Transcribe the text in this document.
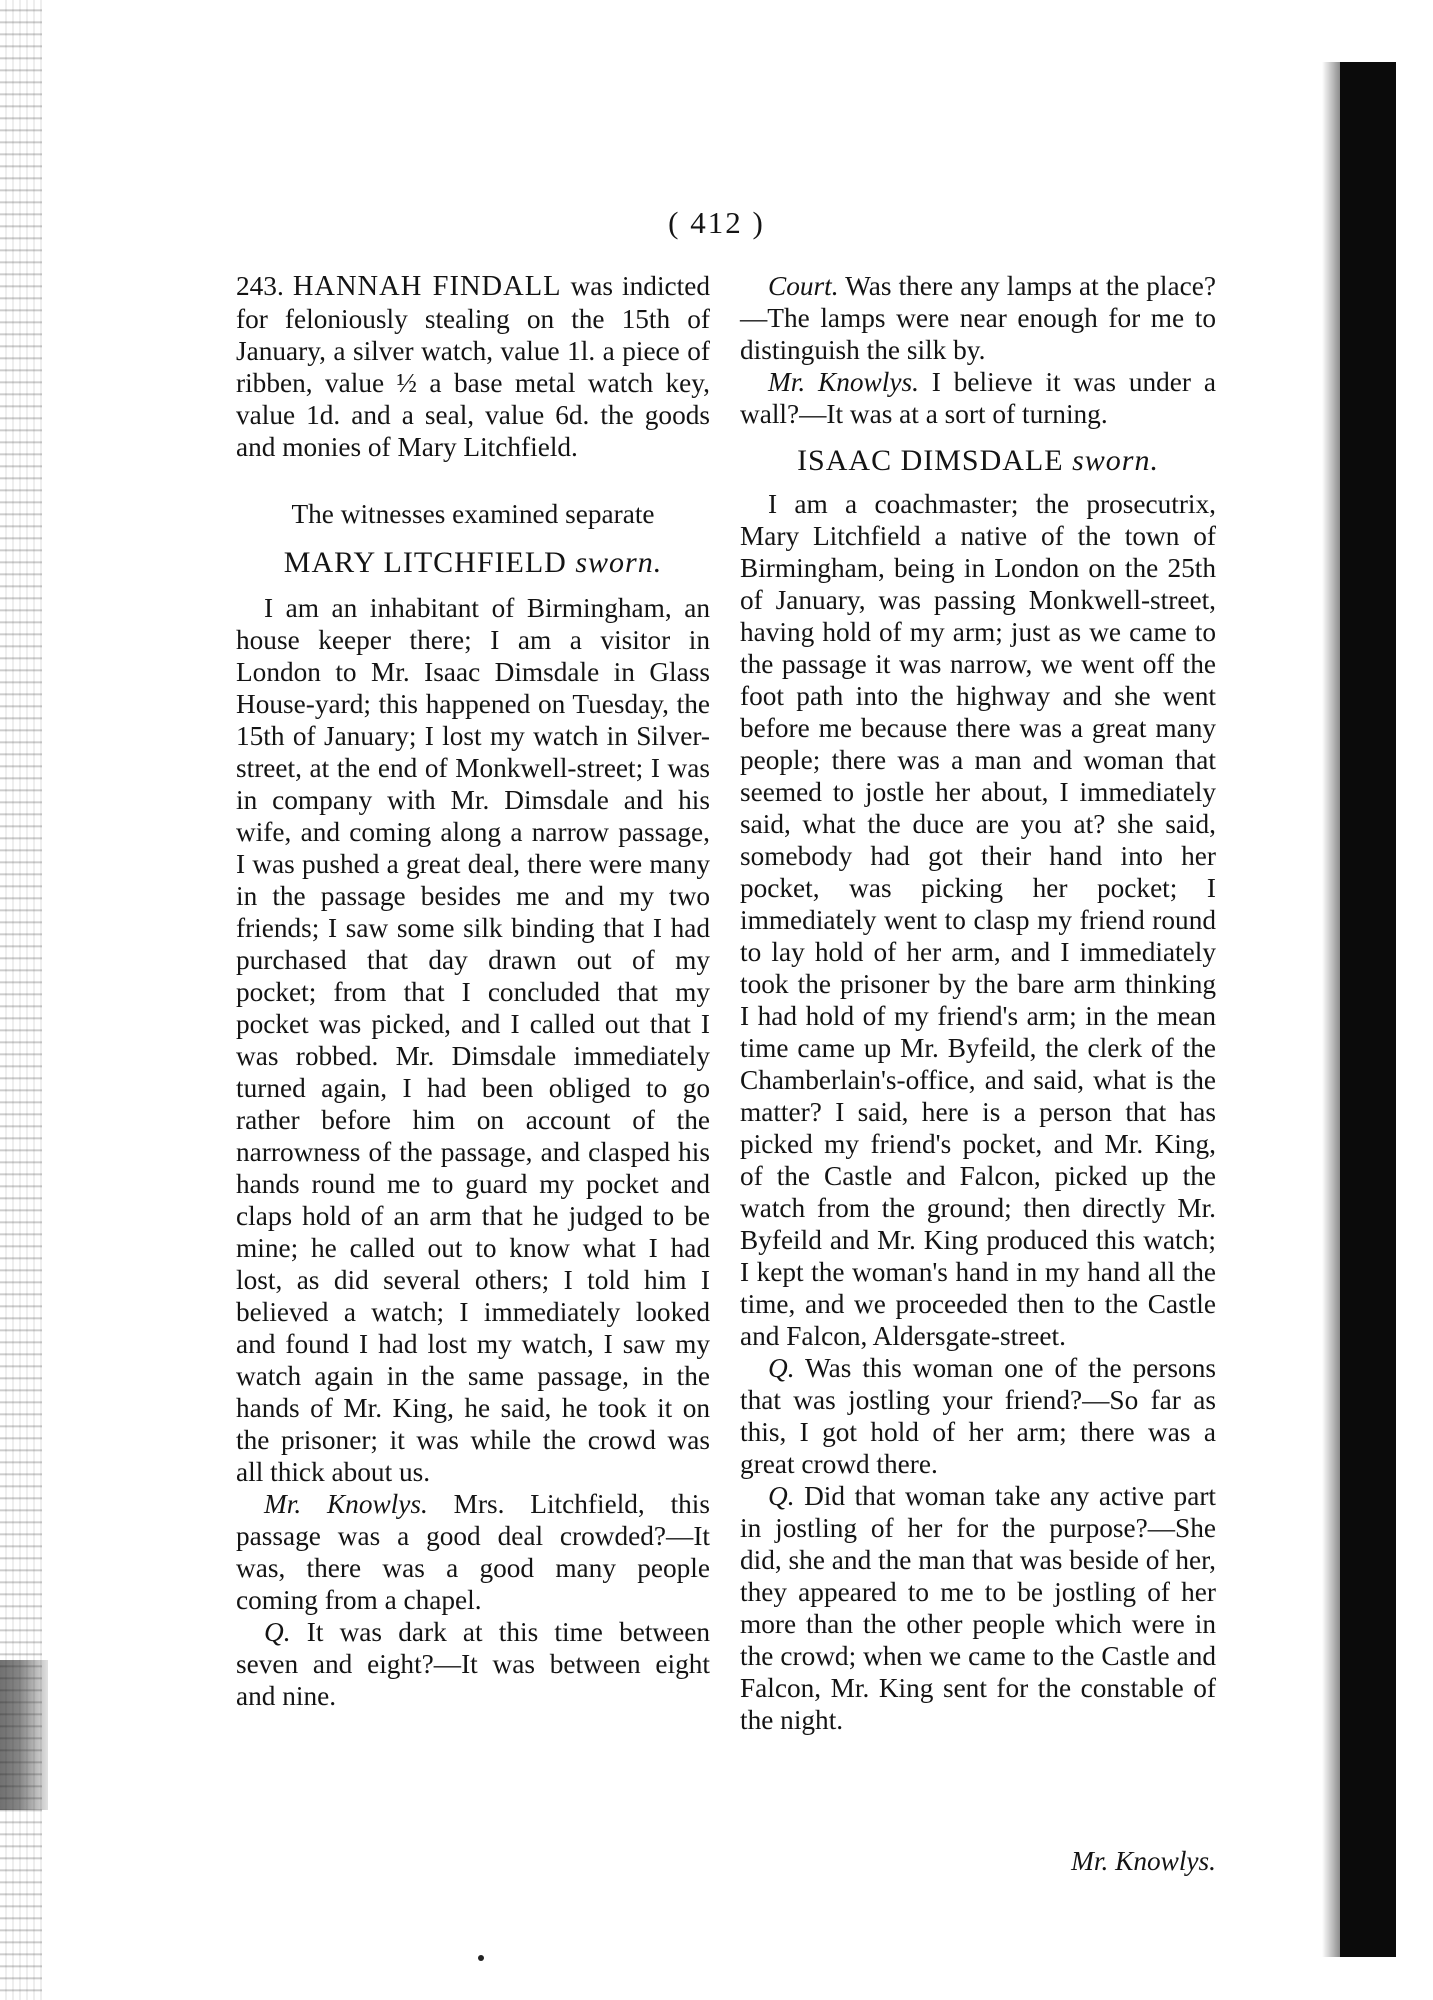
( 412 )

243. HANNAH FINDALL was indicted for feloniously stealing on the 15th of January, a silver watch, value 1l. a piece of ribben, value ½ a base metal watch key, value 1d. and a seal, value 6d. the goods and monies of Mary Litchfield.

The witnesses examined separate

MARY LITCHFIELD sworn.

I am an inhabitant of Birmingham, an house keeper there; I am a visitor in London to Mr. Isaac Dimsdale in Glass House-yard; this happened on Tuesday, the 15th of January; I lost my watch in Silver-street, at the end of Monkwell-street; I was in company with Mr. Dimsdale and his wife, and coming along a narrow passage, I was pushed a great deal, there were many in the passage besides me and my two friends; I saw some silk binding that I had purchased that day drawn out of my pocket; from that I concluded that my pocket was picked, and I called out that I was robbed. Mr. Dimsdale immediately turned again, I had been obliged to go rather before him on account of the narrowness of the passage, and clasped his hands round me to guard my pocket and claps hold of an arm that he judged to be mine; he called out to know what I had lost, as did several others; I told him I believed a watch; I immediately looked and found I had lost my watch, I saw my watch again in the same passage, in the hands of Mr. King, he said, he took it on the prisoner; it was while the crowd was all thick about us.

Mr. Knowlys. Mrs. Litchfield, this passage was a good deal crowded?—It was, there was a good many people coming from a chapel.

Q. It was dark at this time between seven and eight?—It was between eight and nine.

Court. Was there any lamps at the place?—The lamps were near enough for me to distinguish the silk by.

Mr. Knowlys. I believe it was under a wall?—It was at a sort of turning.

ISAAC DIMSDALE sworn.

I am a coachmaster; the prosecutrix, Mary Litchfield a native of the town of Birmingham, being in London on the 25th of January, was passing Monkwell-street, having hold of my arm; just as we came to the passage it was narrow, we went off the foot path into the highway and she went before me because there was a great many people; there was a man and woman that seemed to jostle her about, I immediately said, what the duce are you at? she said, somebody had got their hand into her pocket, was picking her pocket; I immediately went to clasp my friend round to lay hold of her arm, and I immediately took the prisoner by the bare arm thinking I had hold of my friend's arm; in the mean time came up Mr. Byfeild, the clerk of the Chamberlain's-office, and said, what is the matter? I said, here is a person that has picked my friend's pocket, and Mr. King, of the Castle and Falcon, picked up the watch from the ground; then directly Mr. Byfeild and Mr. King produced this watch; I kept the woman's hand in my hand all the time, and we proceeded then to the Castle and Falcon, Aldersgate-street.

Q. Was this woman one of the persons that was jostling your friend?—So far as this, I got hold of her arm; there was a great crowd there.

Q. Did that woman take any active part in jostling of her for the purpose?—She did, she and the man that was beside of her, they appeared to me to be jostling of her more than the other people which were in the crowd; when we came to the Castle and Falcon, Mr. King sent for the constable of the night.

Mr. Knowlys.
